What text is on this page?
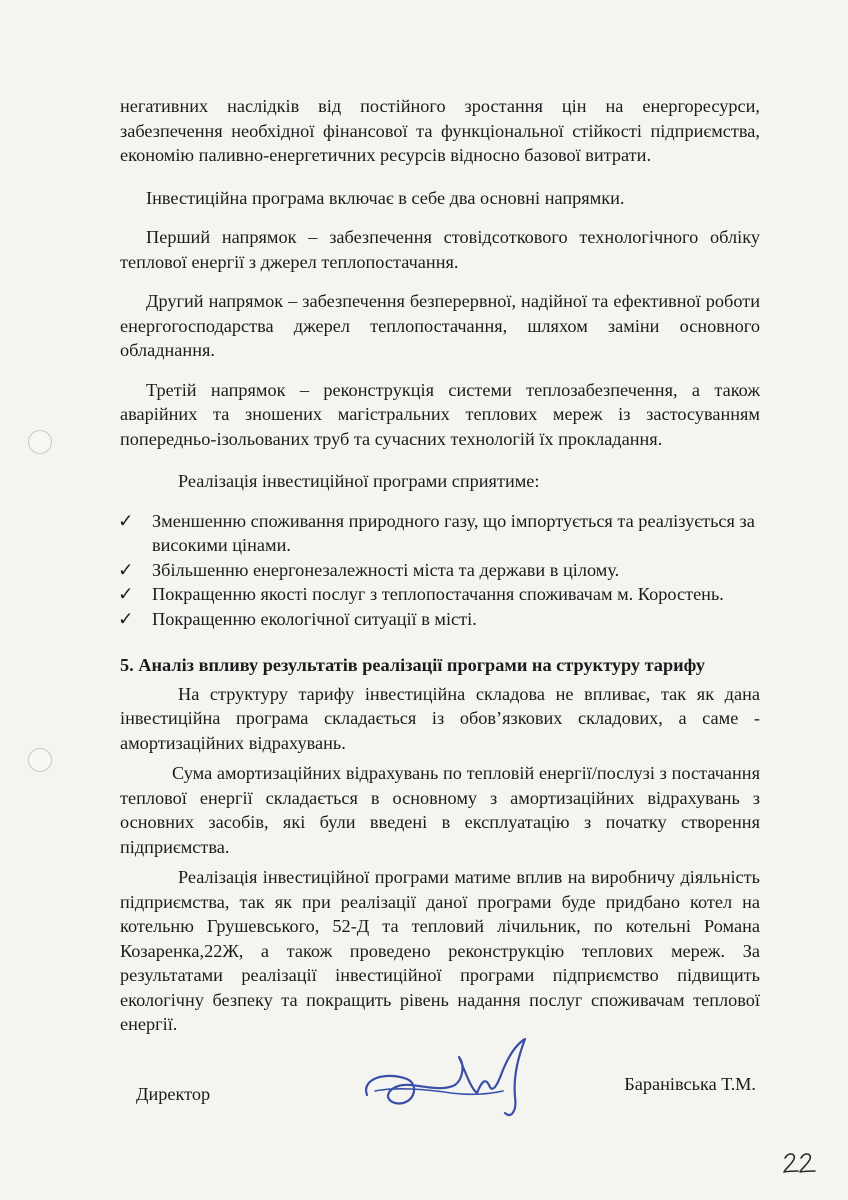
негативних наслідків від постійного зростання цін на енергоресурси, забезпечення необхідної фінансової та функціональної стійкості підприємства, економію паливно-енергетичних ресурсів відносно базової витрати.

Інвестиційна програма включає в себе два основні напрямки.

Перший напрямок – забезпечення стовідсоткового технологічного обліку теплової енергії з джерел теплопостачання.

Другий напрямок – забезпечення безперервної, надійної та ефективної роботи енергогосподарства джерел теплопостачання, шляхом заміни основного обладнання.

Третій напрямок – реконструкція системи теплозабезпечення, а також аварійних та зношених магістральних теплових мереж із застосуванням попередньо-ізольованих труб та сучасних технологій їх прокладання.

Реалізація інвестиційної програми сприятиме:

✓ Зменшенню споживання природного газу, що імпортується та реалізується за високими цінами.
✓ Збільшенню енергонезалежності міста та держави в цілому.
✓ Покращенню якості послуг з теплопостачання споживачам м. Коростень.
✓ Покращенню екологічної ситуації в місті.
5. Аналіз впливу результатів реалізації програми на структуру тарифу

На структуру тарифу інвестиційна складова не впливає, так як дана інвестиційна програма складається із обов’язкових складових, а саме - амортизаційних відрахувань.

Сума амортизаційних відрахувань по тепловій енергії/послузі з постачання теплової енергії складається в основному з амортизаційних відрахувань з основних засобів, які були введені в експлуатацію з початку створення підприємства.

Реалізація інвестиційної програми матиме вплив на виробничу діяльність підприємства, так як при реалізації даної програми буде придбано котел на котельню Грушевського, 52-Д та тепловий лічильник, по котельні Романа Козаренка,22Ж, а також проведено реконструкцію теплових мереж. За результатами реалізації інвестиційної програми підприємство підвищить екологічну безпеку та покращить рівень надання послуг споживачам теплової енергії.

Директор	Баранівська Т.М.
